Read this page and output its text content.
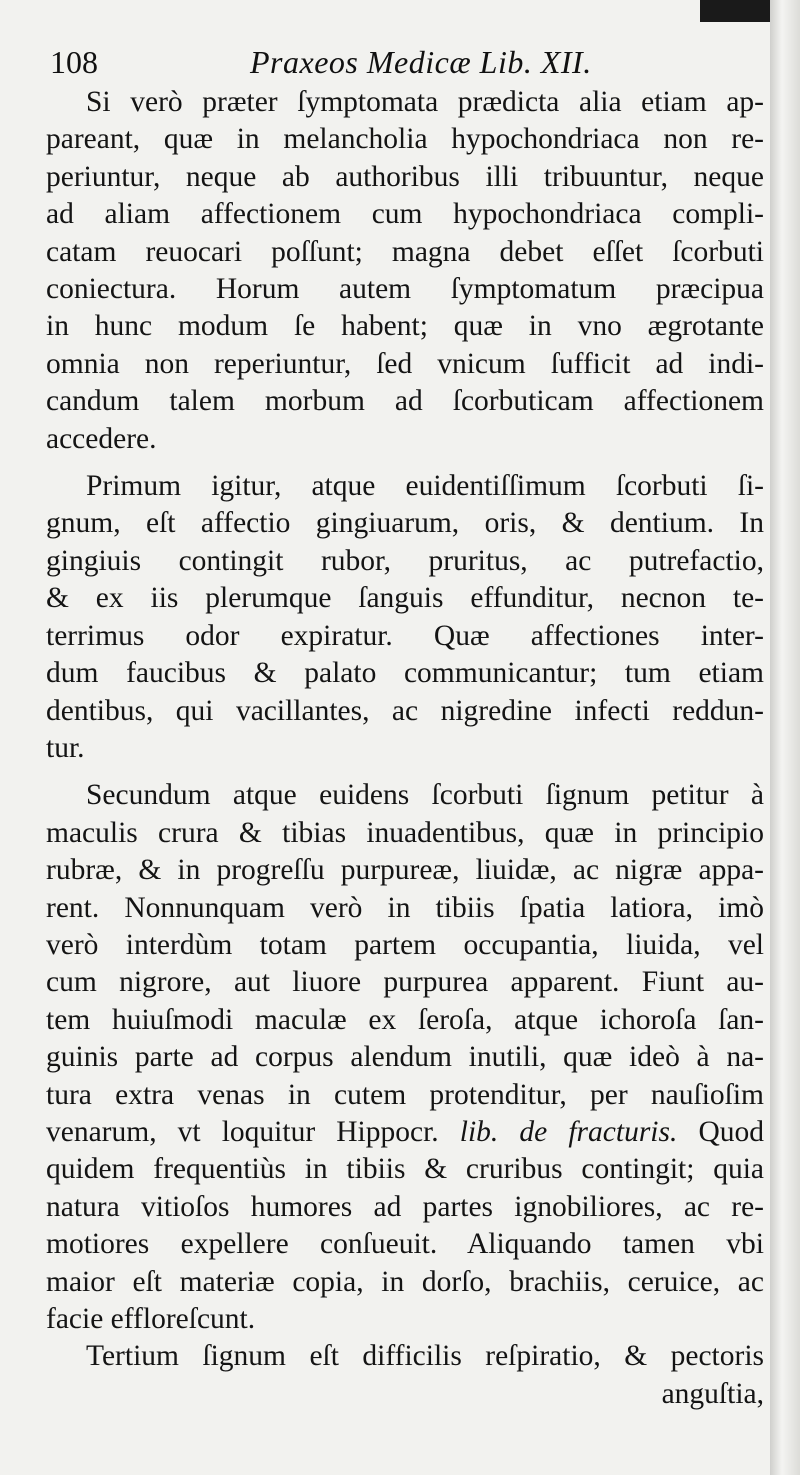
108	Praxeos Medicæ Lib. XII.
Si verò præter ſymptomata prædicta alia etiam ap-
pareant, quæ in melancholia hypochondriaca non re-
periuntur, neque ab authoribus illi tribuuntur, neque
ad aliam affectionem cum hypochondriaca compli-
catam reuocari poſſunt; magna debet eſſet ſcorbuti
coniectura. Horum autem ſymptomatum præcipua
in hunc modum ſe habent; quæ in vno ægrotante
omnia non reperiuntur, ſed vnicum ſufficit ad indi-
candum talem morbum ad ſcorbuticam affectionem
accedere.
Primum igitur, atque euidentiſſimum ſcorbuti ſi-
gnum, eſt affectio gingiuarum, oris, & dentium. In
gingiuis contingit rubor, pruritus, ac putrefactio,
& ex iis plerumque ſanguis effunditur, necnon te-
terrimus odor expiratur. Quæ affectiones inter-
dum faucibus & palato communicantur; tum etiam
dentibus, qui vacillantes, ac nigredine infecti reddun-
tur.
Secundum atque euidens ſcorbuti ſignum petitur à
maculis crura & tibias inuadentibus, quæ in principio
rubræ, & in progreſſu purpureæ, liuidæ, ac nigræ appa-
rent. Nonnunquam verò in tibiis ſpatia latiora, imò
verò interdùm totam partem occupantia, liuida, vel
cum nigrore, aut liuore purpurea apparent. Fiunt au-
tem huiuſmodi maculæ ex ſeroſa, atque ichoroſa ſan-
guinis parte ad corpus alendum inutili, quæ ideò à na-
tura extra venas in cutem protenditur, per nauſioſim
venarum, vt loquitur Hippocr. lib. de fracturis. Quod
quidem frequentiùs in tibiis & cruribus contingit; quia
natura vitioſos humores ad partes ignobiliores, ac re-
motiores expellere conſueuit. Aliquando tamen vbi
maior eſt materiæ copia, in dorſo, brachiis, ceruice, ac
facie effloreſcunt.
Tertium ſignum eſt difficilis reſpiratio, & pectoris
anguſtia,
